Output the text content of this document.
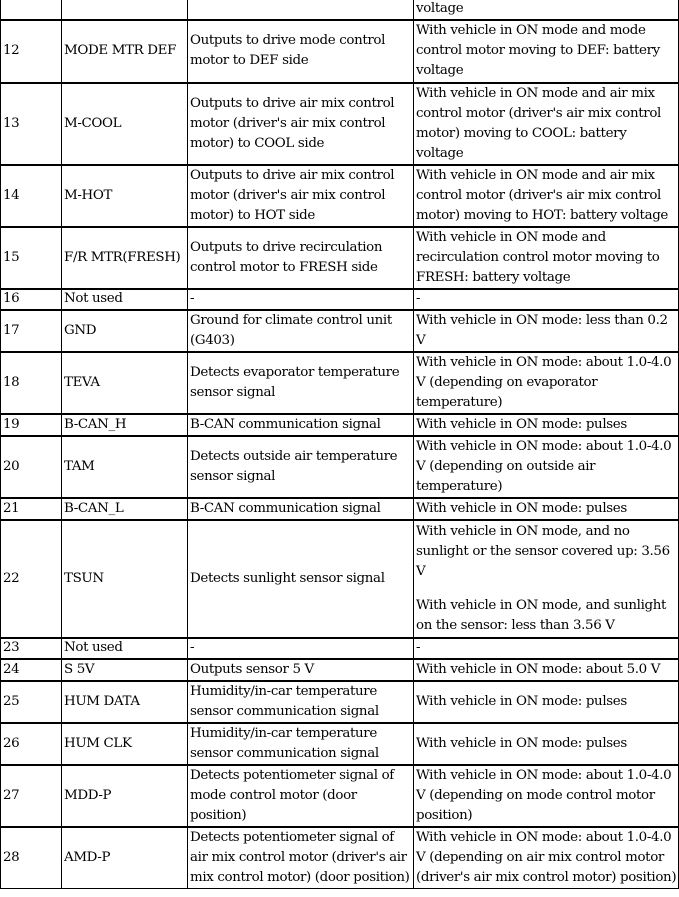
			voltage
12	MODE MTR DEF	Outputs to drive mode control motor to DEF side	With vehicle in ON mode and mode control motor moving to DEF: battery voltage
13	M-COOL	Outputs to drive air mix control motor (driver's air mix control motor) to COOL side	With vehicle in ON mode and air mix control motor (driver's air mix control motor) moving to COOL: battery voltage
14	M-HOT	Outputs to drive air mix control motor (driver's air mix control motor) to HOT side	With vehicle in ON mode and air mix control motor (driver's air mix control motor) moving to HOT: battery voltage
15	F/R MTR(FRESH)	Outputs to drive recirculation control motor to FRESH side	With vehicle in ON mode and recirculation control motor moving to FRESH: battery voltage
16	Not used	-	-
17	GND	Ground for climate control unit (G403)	With vehicle in ON mode: less than 0.2 V
18	TEVA	Detects evaporator temperature sensor signal	With vehicle in ON mode: about 1.0-4.0 V (depending on evaporator temperature)
19	B-CAN_H	B-CAN communication signal	With vehicle in ON mode: pulses
20	TAM	Detects outside air temperature sensor signal	With vehicle in ON mode: about 1.0-4.0 V (depending on outside air temperature)
21	B-CAN_L	B-CAN communication signal	With vehicle in ON mode: pulses
22	TSUN	Detects sunlight sensor signal	With vehicle in ON mode, and no sunlight or the sensor covered up: 3.56 V
With vehicle in ON mode, and sunlight on the sensor: less than 3.56 V

23	Not used	-	-
24	S 5V	Outputs sensor 5 V	With vehicle in ON mode: about 5.0 V
25	HUM DATA	Humidity/in-car temperature sensor communication signal	With vehicle in ON mode: pulses
26	HUM CLK	Humidity/in-car temperature sensor communication signal	With vehicle in ON mode: pulses
27	MDD-P	Detects potentiometer signal of mode control motor (door position)	With vehicle in ON mode: about 1.0-4.0 V (depending on mode control motor position)
28	AMD-P	Detects potentiometer signal of air mix control motor (driver's air mix control motor) (door position)	With vehicle in ON mode: about 1.0-4.0 V (depending on air mix control motor (driver's air mix control motor) position)
